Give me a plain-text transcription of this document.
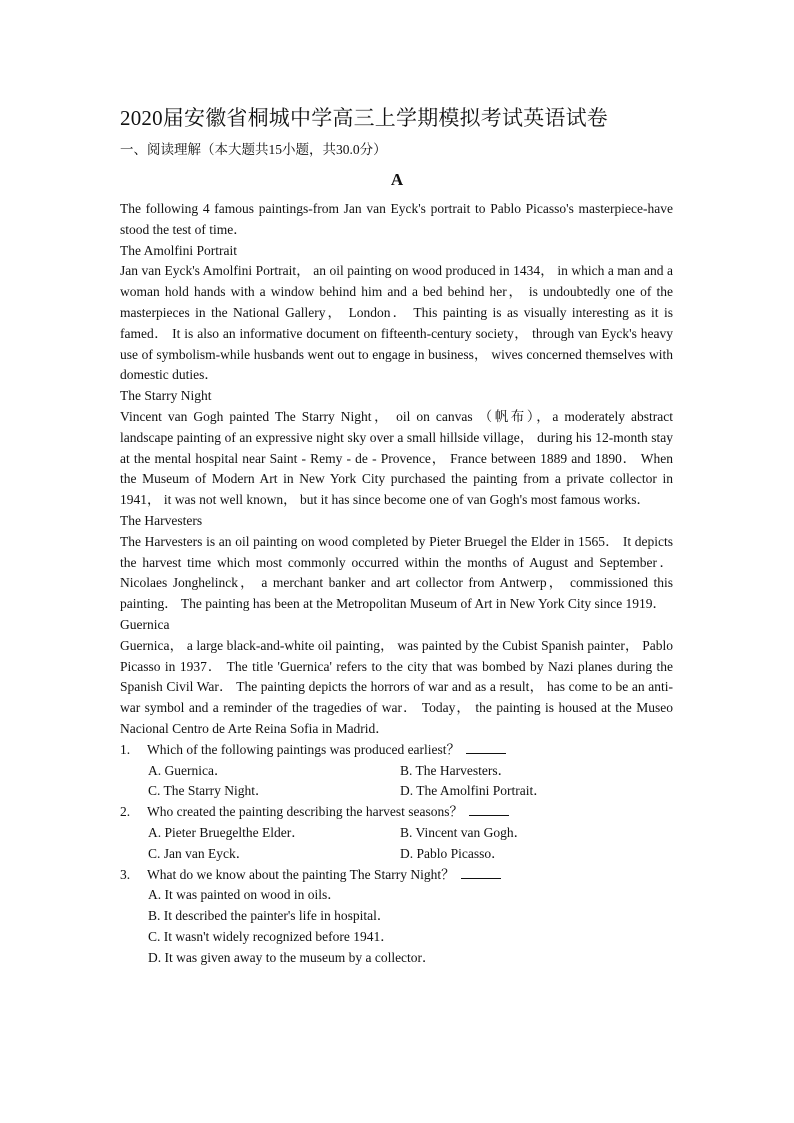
2020届安徽省桐城中学高三上学期模拟考试英语试卷
一、阅读理解（本大题共15小题，共30.0分）
A

The following 4 famous paintings-from Jan van Eyck's portrait to Pablo Picasso's masterpiece-have stood the test of time．

The Amolfini Portrait

Jan van Eyck's Amolfini Portrait， an oil painting on wood produced in 1434， in which a man and a woman hold hands with a window behind him and a bed behind her， is undoubtedly one of the masterpieces in the National Gallery， London． This painting is as visually interesting as it is famed． It is also an informative document on fifteenth-century society， through van Eyck's heavy use of symbolism-while husbands went out to engage in business， wives concerned themselves with domestic duties．

The Starry Night

Vincent van Gogh painted The Starry Night， oil on canvas （帆布），a moderately abstract landscape painting of an expressive night sky over a small hillside village， during his 12-month stay at the mental hospital near Saint - Remy - de - Provence， France between 1889 and 1890． When the Museum of Modern Art in New York City purchased the painting from a private collector in 1941， it was not well known， but it has since become one of van Gogh's most famous works．

The Harvesters

The Harvesters is an oil painting on wood completed by Pieter Bruegel the Elder in 1565． It depicts the harvest time which most commonly occurred within the months of August and September． Nicolaes Jonghelinck， a merchant banker and art collector from Antwerp， commissioned this painting． The painting has been at the Metropolitan Museum of Art in New York City since 1919．

Guernica

Guernica， a large black-and-white oil painting， was painted by the Cubist Spanish painter， Pablo Picasso in 1937． The title 'Guernica' refers to the city that was bombed by Nazi planes during the Spanish Civil War． The painting depicts the horrors of war and as a result， has come to be an anti-war symbol and a reminder of the tragedies of war． Today， the painting is housed at the Museo Nacional Centro de Arte Reina Sofia in Madrid．

1. Which of the following paintings was produced earliest？
A. Guernica．	B. The Harvesters．
C. The Starry Night．	D. The Amolfini Portrait．
2. Who created the painting describing the harvest seasons？
A. Pieter Bruegelthe Elder．	B. Vincent van Gogh．
C. Jan van Eyck．	D. Pablo Picasso．
3. What do we know about the painting The Starry Night？
A. It was painted on wood in oils．
B. It described the painter's life in hospital．
C. It wasn't widely recognized before 1941．
D. It was given away to the museum by a collector．
